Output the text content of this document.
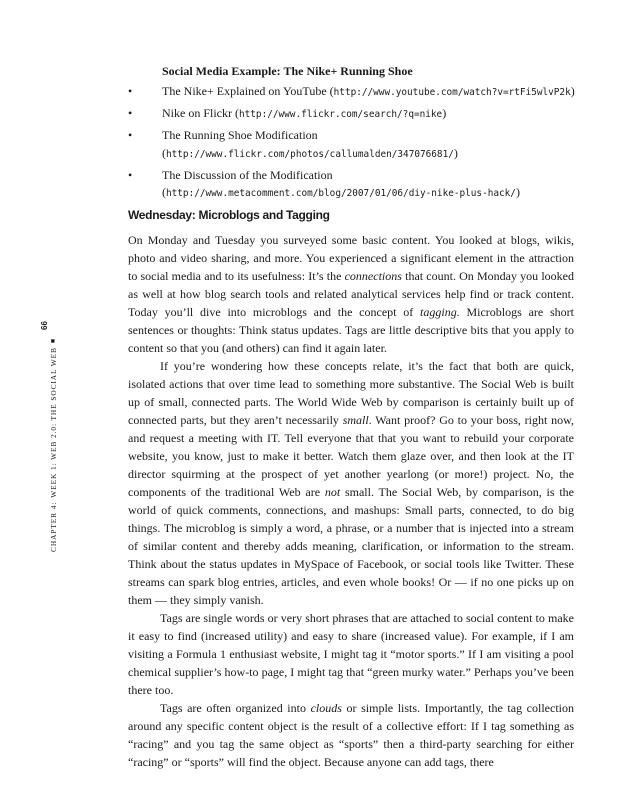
66
CHAPTER 4:
WEEK 1: WEB 2.0: THE SOCIAL WEB
■
Social Media Example: The Nike+ Running Shoe
• The Nike+ Explained on YouTube (http://www.youtube.com/watch?v=rtFi5wlvP2k)
• Nike on Flickr (http://www.flickr.com/search/?q=nike)
• The Running Shoe Modification (http://www.flickr.com/photos/callumalden/347076681/)
• The Discussion of the Modification (http://www.metacomment.com/blog/2007/01/06/diy-nike-plus-hack/)
Wednesday: Microblogs and Tagging

On Monday and Tuesday you surveyed some basic content. You looked at blogs, wikis, photo and video sharing, and more. You experienced a significant element in the attraction to social media and to its usefulness: It’s the connections that count. On Monday you looked as well at how blog search tools and related analytical services help find or track content. Today you’ll dive into microblogs and the concept of tagging. Microblogs are short sentences or thoughts: Think status updates. Tags are little descriptive bits that you apply to content so that you (and others) can find it again later.

If you’re wondering how these concepts relate, it’s the fact that both are quick, isolated actions that over time lead to something more substantive. The Social Web is built up of small, connected parts. The World Wide Web by comparison is certainly built up of connected parts, but they aren’t necessarily small. Want proof? Go to your boss, right now, and request a meeting with IT. Tell everyone that that you want to rebuild your corporate website, you know, just to make it better. Watch them glaze over, and then look at the IT director squirming at the prospect of yet another yearlong (or more!) project. No, the components of the traditional Web are not small. The Social Web, by comparison, is the world of quick comments, connections, and mashups: Small parts, connected, to do big things. The microblog is simply a word, a phrase, or a number that is injected into a stream of similar content and thereby adds meaning, clarification, or information to the stream. Think about the status updates in MySpace of Facebook, or social tools like Twitter. These streams can spark blog entries, articles, and even whole books! Or — if no one picks up on them — they simply vanish.

Tags are single words or very short phrases that are attached to social content to make it easy to find (increased utility) and easy to share (increased value). For example, if I am visiting a Formula 1 enthusiast website, I might tag it “motor sports.” If I am visiting a pool chemical supplier’s how-to page, I might tag that “green murky water.” Perhaps you’ve been there too.

Tags are often organized into clouds or simple lists. Importantly, the tag collection around any specific content object is the result of a collective effort: If I tag something as “racing” and you tag the same object as “sports” then a third-party searching for either “racing” or “sports” will find the object. Because anyone can add tags, there
